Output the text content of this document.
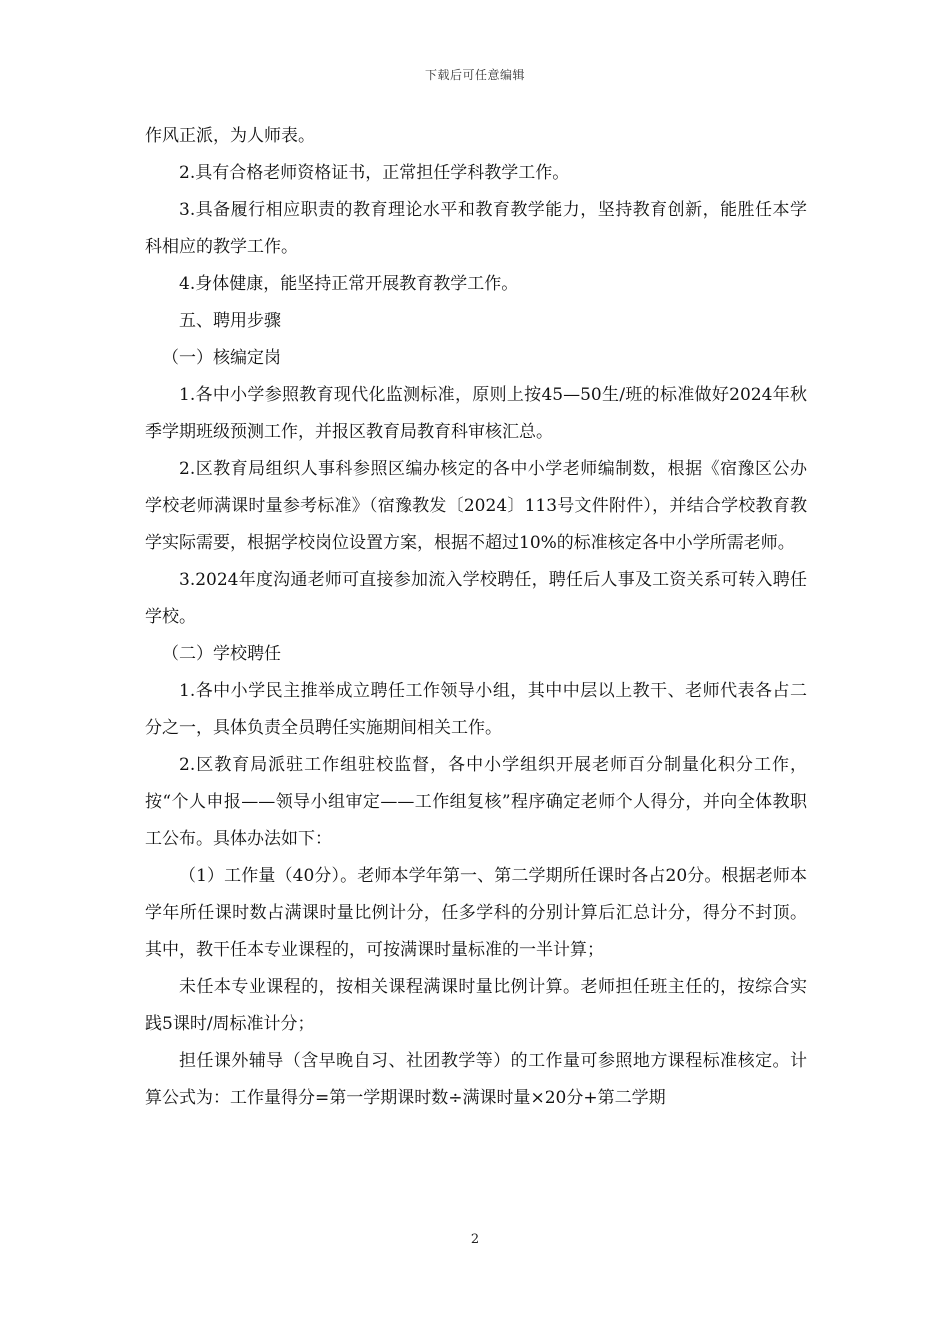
下载后可任意编辑

作风正派，为人师表。

2.具有合格老师资格证书，正常担任学科教学工作。

3.具备履行相应职责的教育理论水平和教育教学能力，坚持教育创新，能胜任本学科相应的教学工作。

4.身体健康，能坚持正常开展教育教学工作。

五、聘用步骤

（一）核编定岗

1.各中小学参照教育现代化监测标准，原则上按45—50生/班的标准做好2024年秋季学期班级预测工作，并报区教育局教育科审核汇总。

2.区教育局组织人事科参照区编办核定的各中小学老师编制数，根据《宿豫区公办学校老师满课时量参考标准》（宿豫教发〔2024〕113号文件附件），并结合学校教育教学实际需要，根据学校岗位设置方案，根据不超过10%的标准核定各中小学所需老师。

3.2024年度沟通老师可直接参加流入学校聘任，聘任后人事及工资关系可转入聘任学校。

（二）学校聘任

1.各中小学民主推举成立聘任工作领导小组，其中中层以上教干、老师代表各占二分之一，具体负责全员聘任实施期间相关工作。

2.区教育局派驻工作组驻校监督，各中小学组织开展老师百分制量化积分工作，按“个人申报——领导小组审定——工作组复核”程序确定老师个人得分，并向全体教职工公布。具体办法如下：

（1）工作量（40分）。老师本学年第一、第二学期所任课时各占20分。根据老师本学年所任课时数占满课时量比例计分，任多学科的分别计算后汇总计分，得分不封顶。其中，教干任本专业课程的，可按满课时量标准的一半计算；

未任本专业课程的，按相关课程满课时量比例计算。老师担任班主任的，按综合实践5课时/周标准计分；

担任课外辅导（含早晚自习、社团教学等）的工作量可参照地方课程标准核定。计算公式为：工作量得分=第一学期课时数÷满课时量×20分+第二学期

2
